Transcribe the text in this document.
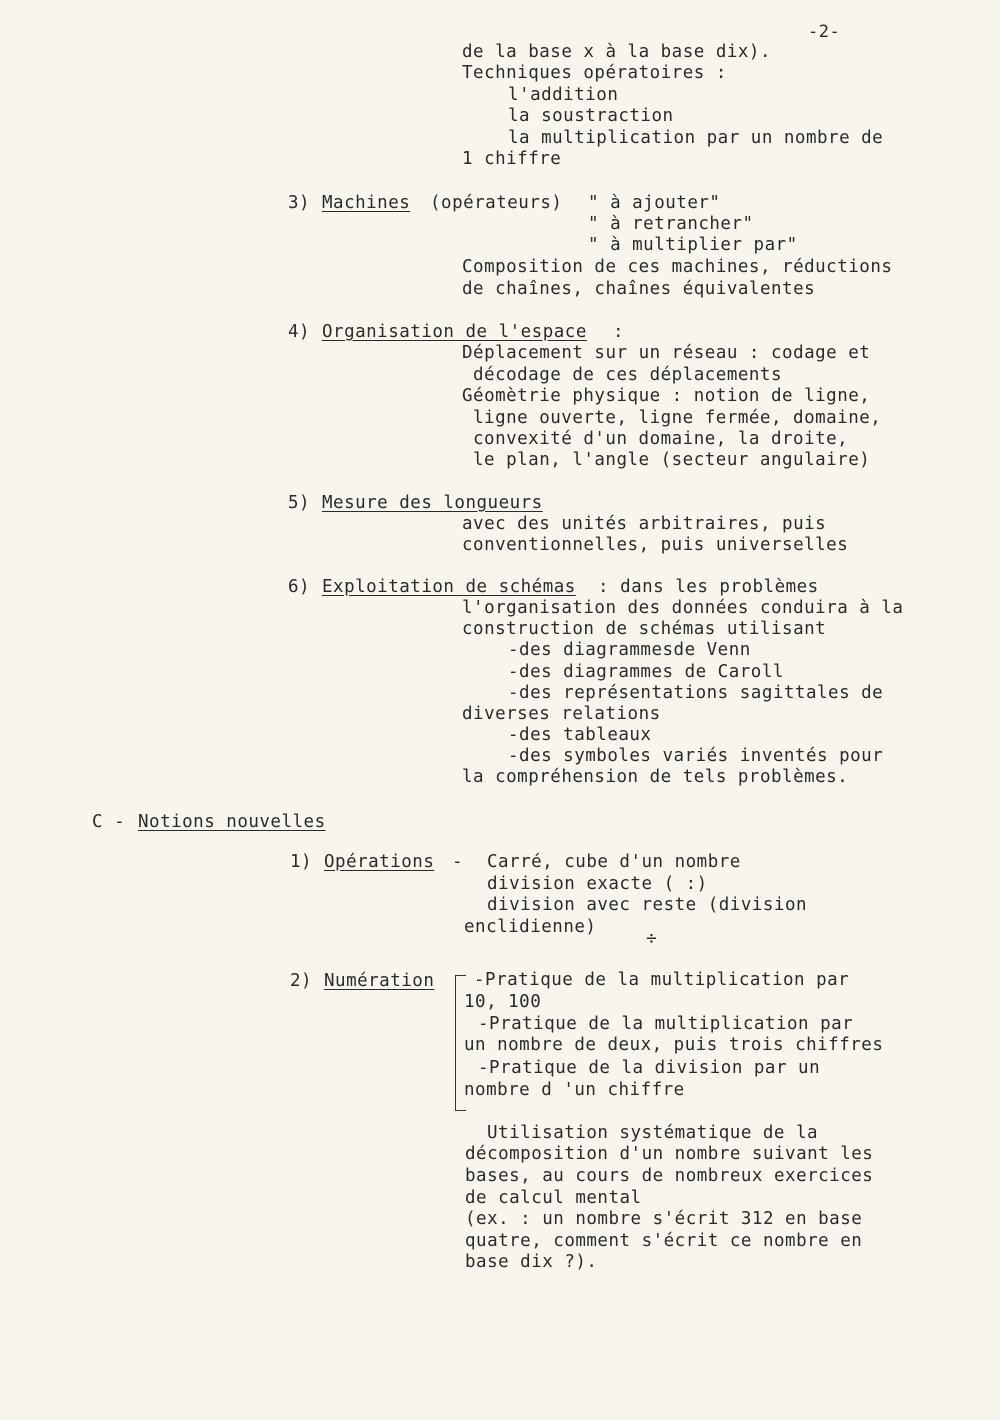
-2-
de la base x à la base dix).
Techniques opératoires :
l'addition
la soustraction
la multiplication par un nombre de
1 chiffre
3) Machines (opérateurs) " à ajouter"
" à retrancher"
" à multiplier par"
Composition de ces machines, réductions
de chaînes, chaînes équivalentes
4) Organisation de l'espace :
Déplacement sur un réseau : codage et
décodage de ces déplacements
Géomètrie physique : notion de ligne,
ligne ouverte, ligne fermée, domaine,
convexité d'un domaine, la droite,
le plan, l'angle (secteur angulaire)
5) Mesure des longueurs
avec des unités arbitraires, puis
conventionnelles, puis universelles
6) Exploitation de schémas : dans les problèmes
l'organisation des données conduira à la
construction de schémas utilisant
-des diagrammesde Venn
-des diagrammes de Caroll
-des représentations sagittales de
diverses relations
-des tableaux
-des symboles variés inventés pour
la compréhension de tels problèmes.
C - Notions nouvelles
1) Opérations - Carré, cube d'un nombre
division exacte ( :)
division avec reste (division
enclidienne)
÷
2) Numération -Pratique de la multiplication par
10, 100
-Pratique de la multiplication par
un nombre de deux, puis trois chiffres
-Pratique de la division par un
nombre d 'un chiffre
Utilisation systématique de la
décomposition d'un nombre suivant les
bases, au cours de nombreux exercices
de calcul mental
(ex. : un nombre s'écrit 312 en base
quatre, comment s'écrit ce nombre en
base dix ?).
